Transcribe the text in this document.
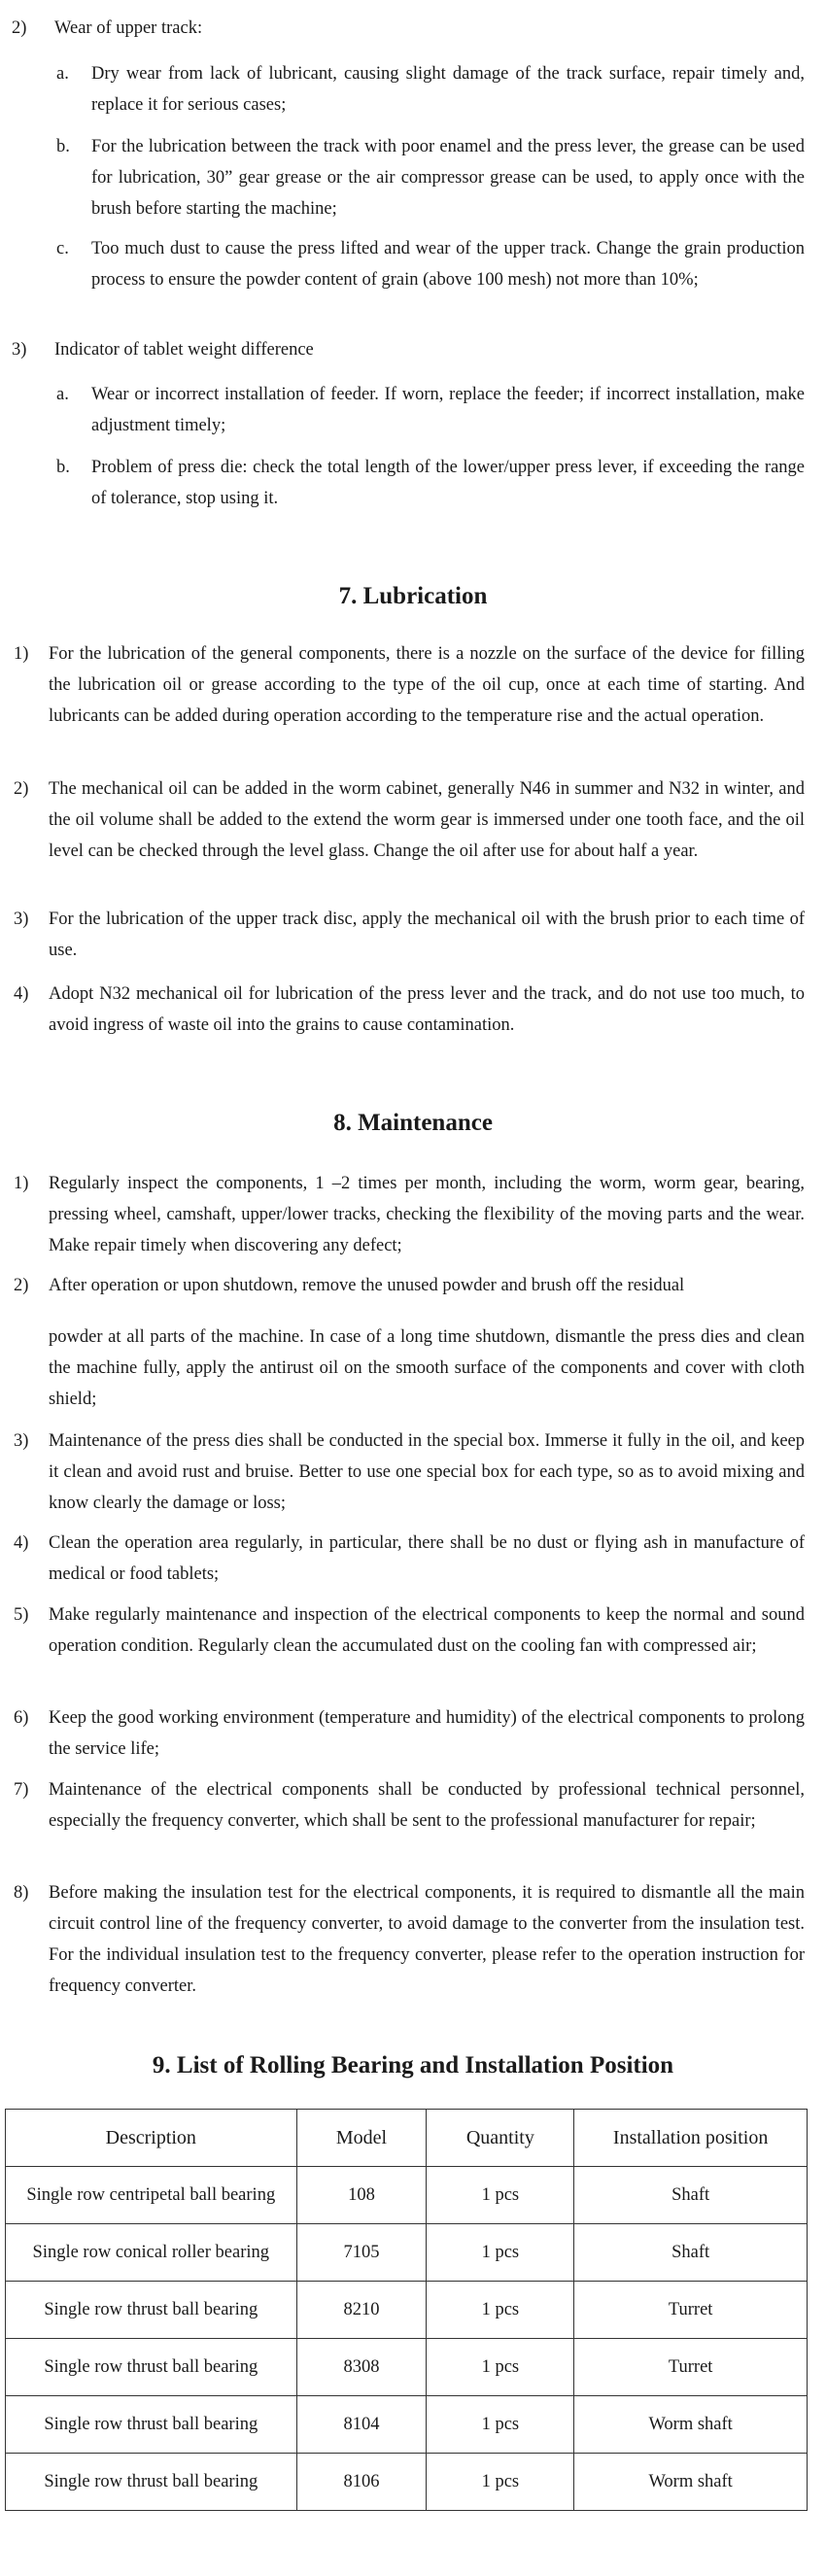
2) Wear of upper track:
a. Dry wear from lack of lubricant, causing slight damage of the track surface, repair timely and, replace it for serious cases;
b. For the lubrication between the track with poor enamel and the press lever, the grease can be used for lubrication, 30” gear grease or the air compressor grease can be used, to apply once with the brush before starting the machine;
c. Too much dust to cause the press lifted and wear of the upper track. Change the grain production process to ensure the powder content of grain (above 100 mesh) not more than 10%;
3) Indicator of tablet weight difference
a. Wear or incorrect installation of feeder. If worn, replace the feeder; if incorrect installation, make adjustment timely;
b. Problem of press die: check the total length of the lower/upper press lever, if exceeding the range of tolerance, stop using it.
7. Lubrication
1) For the lubrication of the general components, there is a nozzle on the surface of the device for filling the lubrication oil or grease according to the type of the oil cup, once at each time of starting. And lubricants can be added during operation according to the temperature rise and the actual operation.
2) The mechanical oil can be added in the worm cabinet, generally N46 in summer and N32 in winter, and the oil volume shall be added to the extend the worm gear is immersed under one tooth face, and the oil level can be checked through the level glass. Change the oil after use for about half a year.
3) For the lubrication of the upper track disc, apply the mechanical oil with the brush prior to each time of use.
4) Adopt N32 mechanical oil for lubrication of the press lever and the track, and do not use too much, to avoid ingress of waste oil into the grains to cause contamination.
8. Maintenance
1) Regularly inspect the components, 1 –2 times per month, including the worm, worm gear, bearing, pressing wheel, camshaft, upper/lower tracks, checking the flexibility of the moving parts and the wear. Make repair timely when discovering any defect;
2) After operation or upon shutdown, remove the unused powder and brush off the residual
powder at all parts of the machine. In case of a long time shutdown, dismantle the press dies and clean the machine fully, apply the antirust oil on the smooth surface of the components and cover with cloth shield;
3) Maintenance of the press dies shall be conducted in the special box. Immerse it fully in the oil, and keep it clean and avoid rust and bruise. Better to use one special box for each type, so as to avoid mixing and know clearly the damage or loss;
4) Clean the operation area regularly, in particular, there shall be no dust or flying ash in manufacture of medical or food tablets;
5) Make regularly maintenance and inspection of the electrical components to keep the normal and sound operation condition. Regularly clean the accumulated dust on the cooling fan with compressed air;
6) Keep the good working environment (temperature and humidity) of the electrical components to prolong the service life;
7) Maintenance of the electrical components shall be conducted by professional technical personnel, especially the frequency converter, which shall be sent to the professional manufacturer for repair;
8) Before making the insulation test for the electrical components, it is required to dismantle all the main circuit control line of the frequency converter, to avoid damage to the converter from the insulation test. For the individual insulation test to the frequency converter, please refer to the operation instruction for frequency converter.
9. List of Rolling Bearing and Installation Position
Description	Model	Quantity	Installation position
Single row centripetal ball bearing	108	1 pcs	Shaft
Single row conical roller bearing	7105	1 pcs	Shaft
Single row thrust ball bearing	8210	1 pcs	Turret
Single row thrust ball bearing	8308	1 pcs	Turret
Single row thrust ball bearing	8104	1 pcs	Worm shaft
Single row thrust ball bearing	8106	1 pcs	Worm shaft
